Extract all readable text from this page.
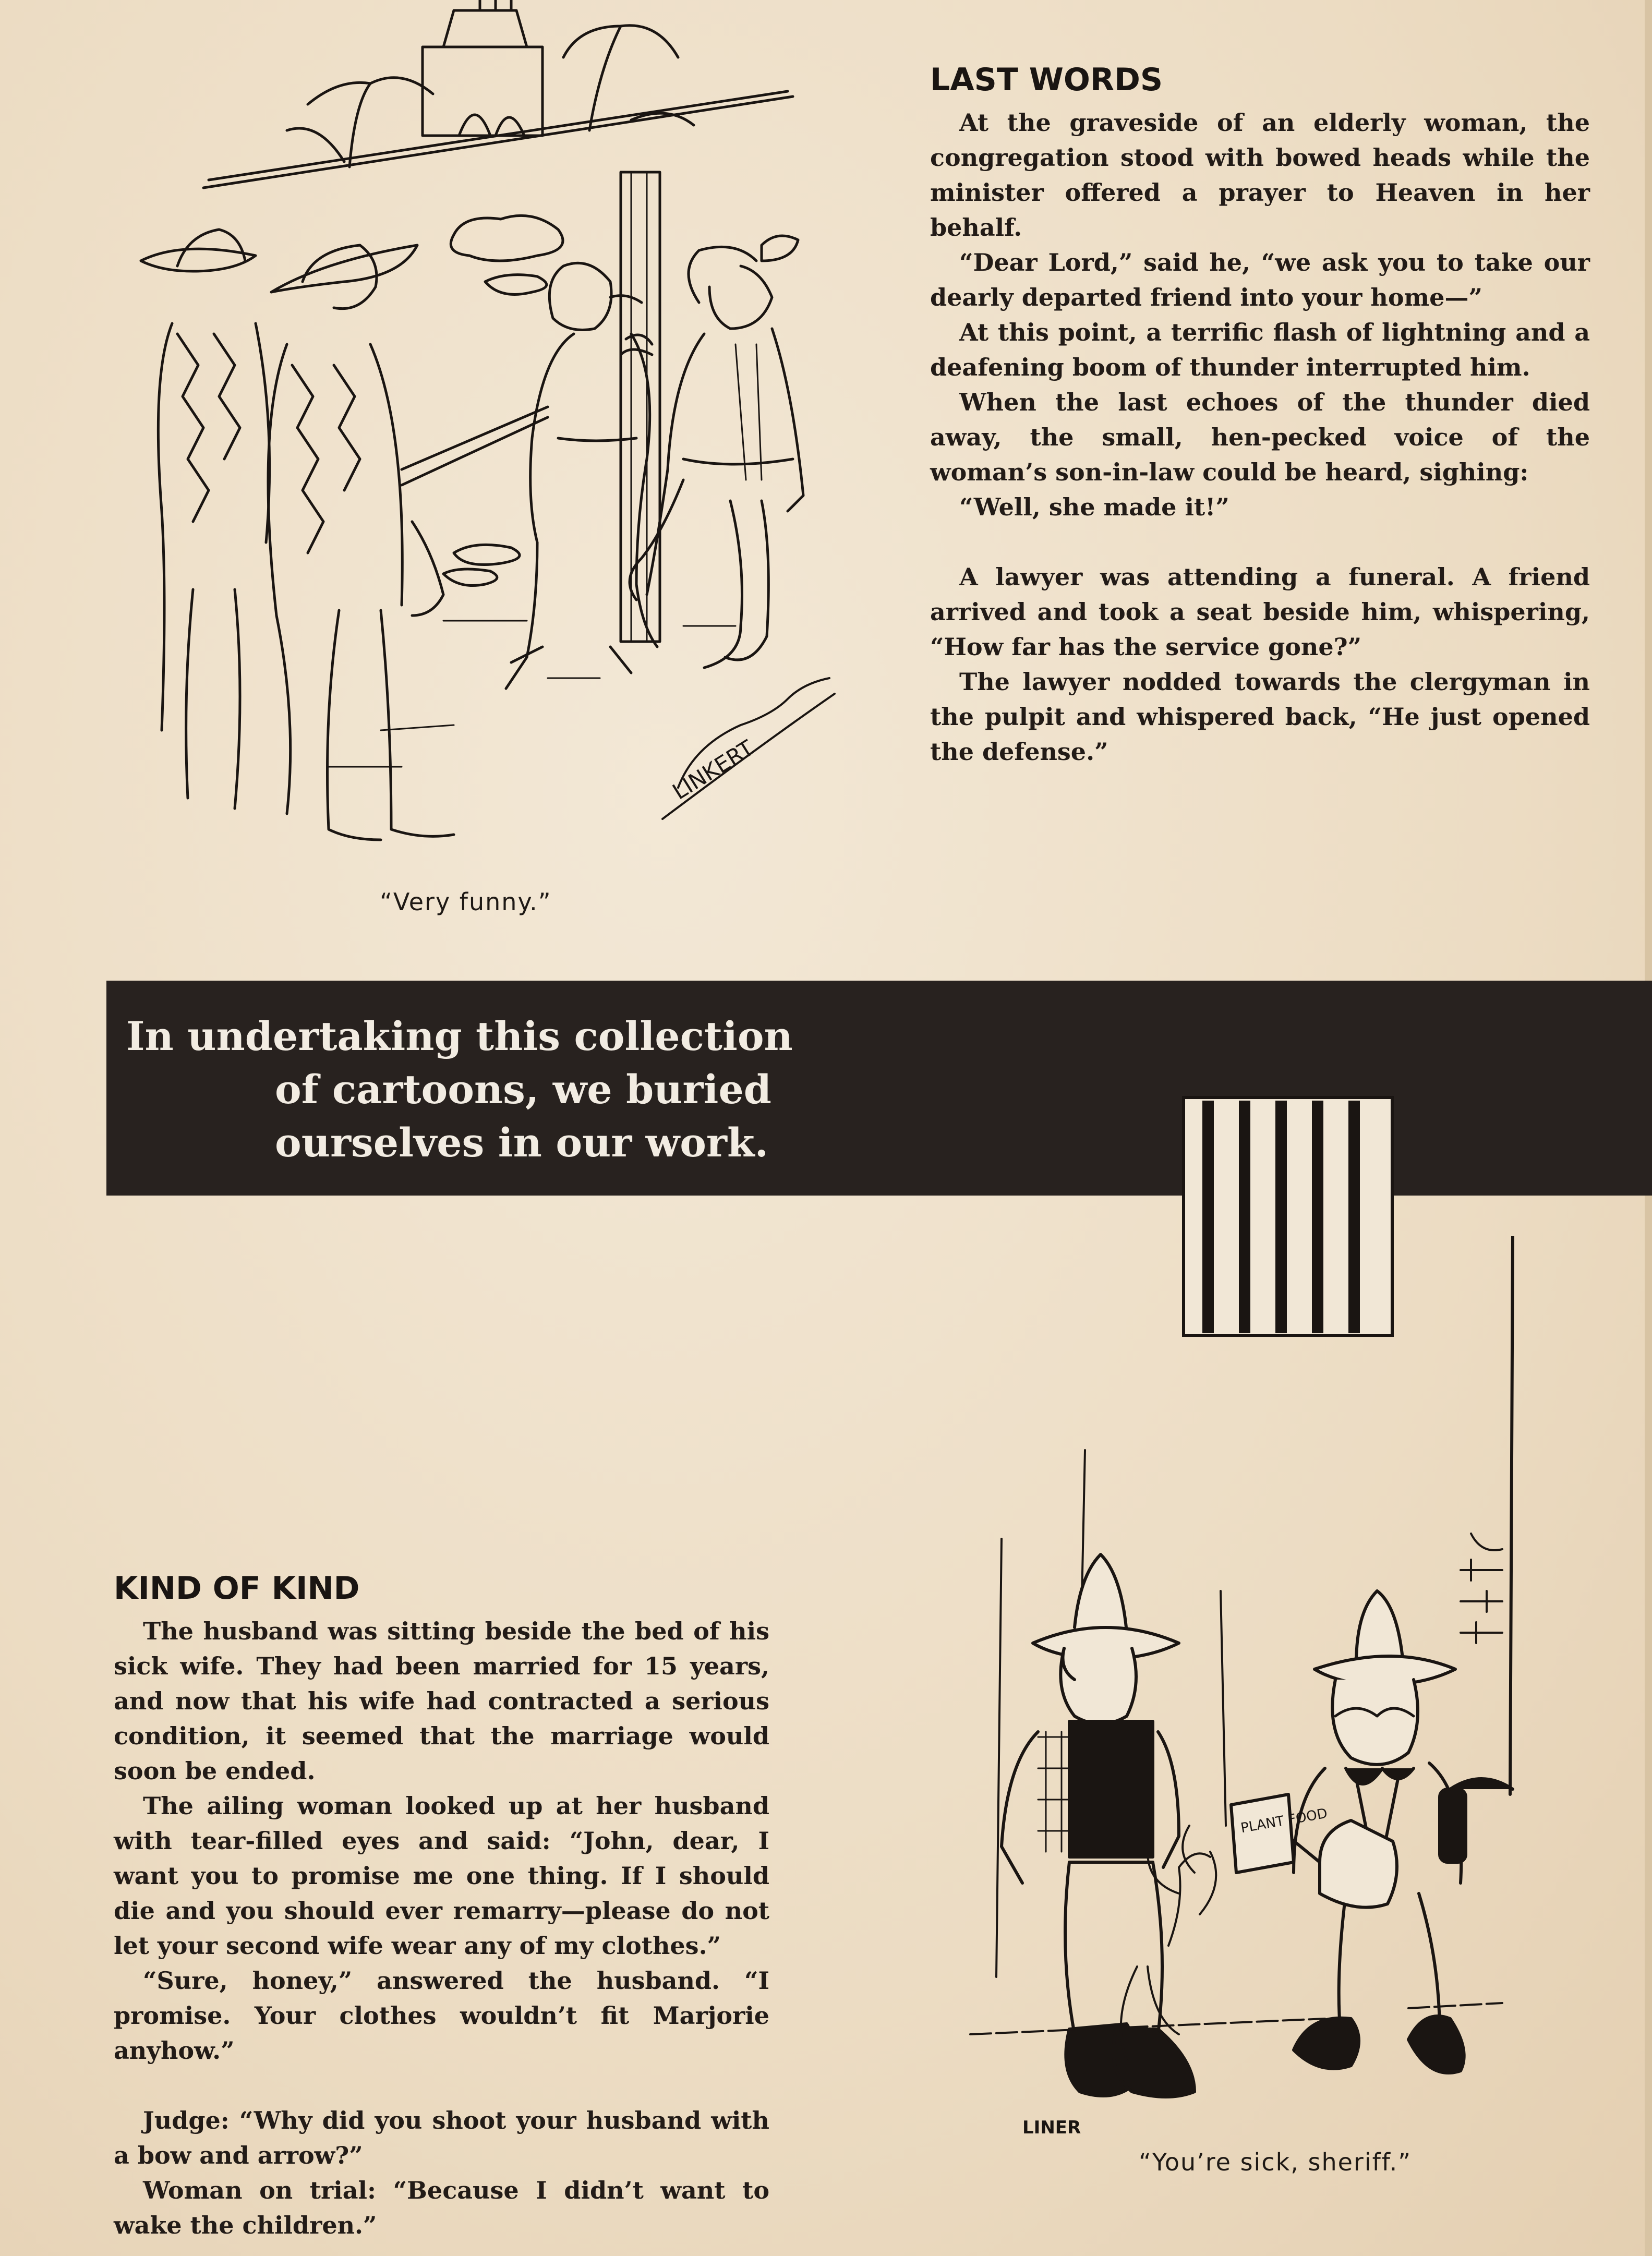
LINKERT
“Very funny.”
LAST WORDS

At the graveside of an elderly woman, the congregation stood with bowed heads while the minister offered a prayer to Heaven in her behalf.

“Dear Lord,” said he, “we ask you to take our dearly departed friend into your home—”

At this point, a terrific flash of lightning and a deafening boom of thunder interrupted him.

When the last echoes of the thunder died away, the small, hen-pecked voice of the woman’s son-in-law could be heard, sighing:

“Well, she made it!”

A lawyer was attending a funeral. A friend arrived and took a seat beside him, whispering, “How far has the service gone?”

The lawyer nodded towards the clergyman in the pulpit and whispered back, “He just opened the defense.”

In undertaking this collection
of cartoons, we buried
ourselves in our work.
PLANT FOOD
LINER
“You’re sick, sheriff.”
KIND OF KIND

The husband was sitting beside the bed of his sick wife. They had been married for 15 years, and now that his wife had contracted a serious condition, it seemed that the marriage would soon be ended.

The ailing woman looked up at her husband with tear-filled eyes and said: “John, dear, I want you to promise me one thing. If I should die and you should ever remarry—please do not let your second wife wear any of my clothes.”

“Sure, honey,” answered the husband. “I promise. Your clothes wouldn’t fit Marjorie anyhow.”

Judge: “Why did you shoot your husband with a bow and arrow?”

Woman on trial: “Because I didn’t want to wake the children.”
